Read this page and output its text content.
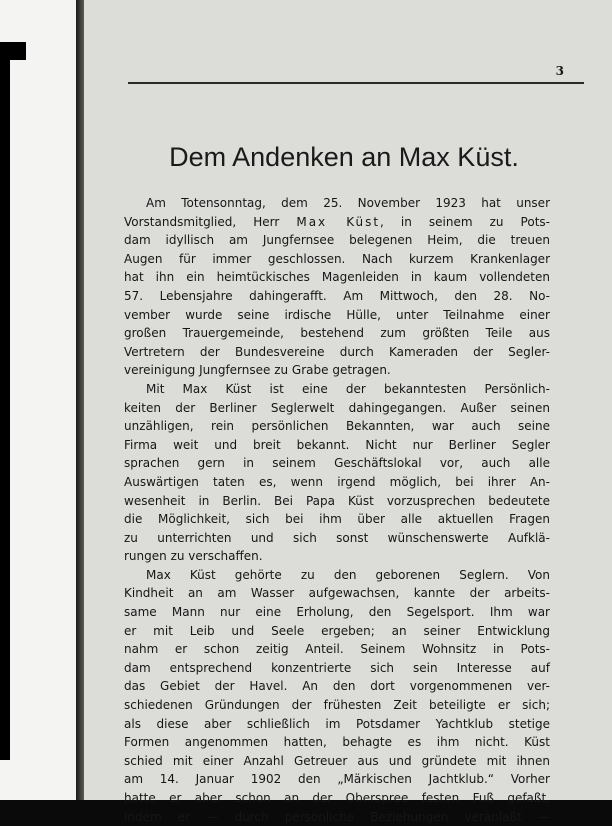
3
Dem Andenken an Max Küst.
Am Totensonntag, dem 25. November 1923 hat unser
Vorstandsmitglied, Herr Max Küst, in seinem zu Pots-
dam idyllisch am Jungfernsee belegenen Heim, die treuen
Augen für immer geschlossen. Nach kurzem Krankenlager
hat ihn ein heimtückisches Magenleiden in kaum vollendeten
57. Lebensjahre dahingerafft. Am Mittwoch, den 28. No-
vember wurde seine irdische Hülle, unter Teilnahme einer
großen Trauergemeinde, bestehend zum größten Teile aus
Vertretern der Bundesvereine durch Kameraden der Segler-
vereinigung Jungfernsee zu Grabe getragen.
Mit Max Küst ist eine der bekanntesten Persönlich-
keiten der Berliner Seglerwelt dahingegangen. Außer seinen
unzähligen, rein persönlichen Bekannten, war auch seine
Firma weit und breit bekannt. Nicht nur Berliner Segler
sprachen gern in seinem Geschäftslokal vor, auch alle
Auswärtigen taten es, wenn irgend möglich, bei ihrer An-
wesenheit in Berlin. Bei Papa Küst vorzusprechen bedeutete
die Möglichkeit, sich bei ihm über alle aktuellen Fragen
zu unterrichten und sich sonst wünschenswerte Aufklä-
rungen zu verschaffen.
Max Küst gehörte zu den geborenen Seglern. Von
Kindheit an am Wasser aufgewachsen, kannte der arbeits-
same Mann nur eine Erholung, den Segelsport. Ihm war
er mit Leib und Seele ergeben; an seiner Entwicklung
nahm er schon zeitig Anteil. Seinem Wohnsitz in Pots-
dam entsprechend konzentrierte sich sein Interesse auf
das Gebiet der Havel. An den dort vorgenommenen ver-
schiedenen Gründungen der frühesten Zeit beteiligte er sich;
als diese aber schließlich im Potsdamer Yachtklub stetige
Formen angenommen hatten, behagte es ihm nicht. Küst
schied mit einer Anzahl Getreuer aus und gründete mit ihnen
am 14. Januar 1902 den „Märkischen Jachtklub.“ Vorher
hatte er aber schon an der Oberspree festen Fuß gefaßt,
indem er — durch persönliche Beziehungen veranlaßt —
